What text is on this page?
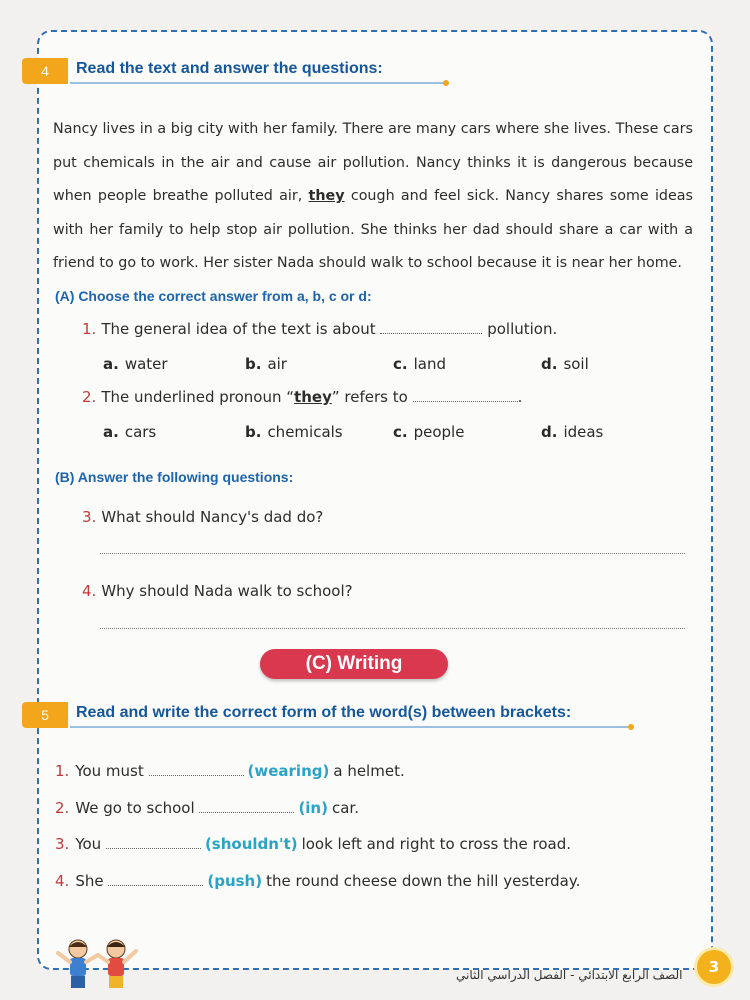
4	Read the text and answer the questions:
Nancy lives in a big city with her family. There are many cars where she lives. These cars put chemicals in the air and cause air pollution. Nancy thinks it is dangerous because when people breathe polluted air, they cough and feel sick. Nancy shares some ideas with her family to help stop air pollution. She thinks her dad should share a car with a friend to go to work. Her sister Nada should walk to school because it is near her home.
(A) Choose the correct answer from a, b, c or d:
1. The general idea of the text is about	pollution.
a. water	b. air	c. land	d. soil
2. The underlined pronoun “they” refers to	.
a. cars	b. chemicals	c. people	d. ideas
(B) Answer the following questions:
3. What should Nancy's dad do?
4. Why should Nada walk to school?
(C) Writing
5	Read and write the correct form of the word(s) between brackets:
1. You must	(wearing) a helmet.
2. We go to school	(in) car.
3. You	(shouldn't) look left and right to cross the road.
4. She	(push) the round cheese down the hill yesterday.
الصف الرابع الابتدائي - الفصل الدراسي الثاني	3
